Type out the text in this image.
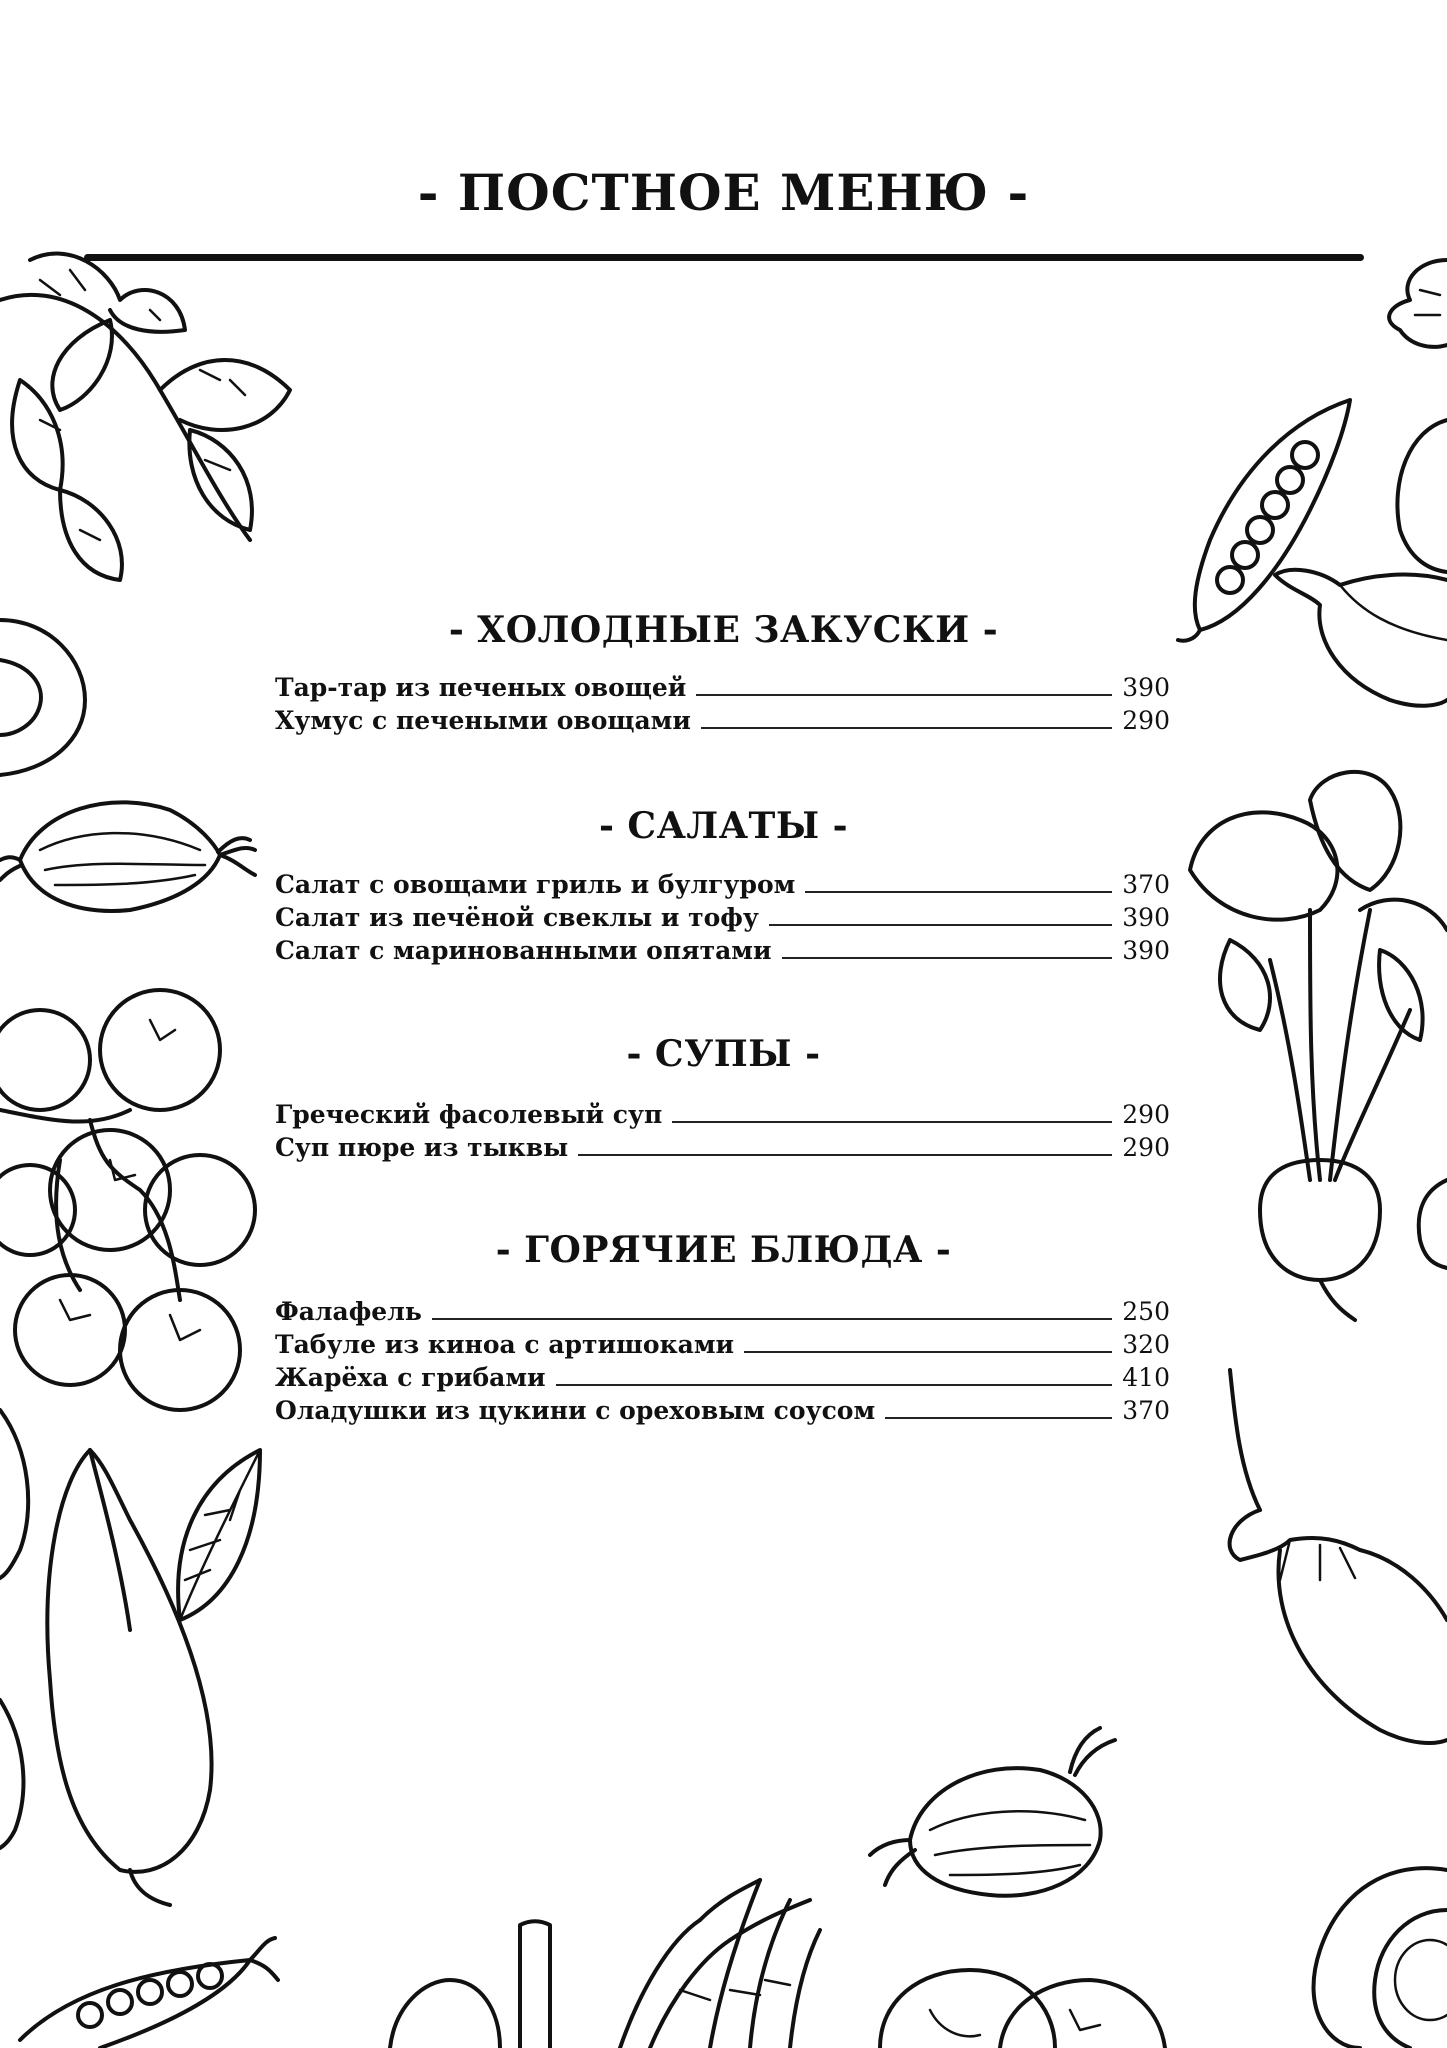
- ПОСТНОЕ МЕНЮ -
- ХОЛОДНЫЕ ЗАКУСКИ -
Тар-тар из печеных овощей	390
Хумус с печеными овощами	290
- САЛАТЫ -
Салат с овощами гриль и булгуром	370
Салат из печёной свеклы и тофу	390
Салат с маринованными опятами	390
- СУПЫ -
Греческий фасолевый суп	290
Суп пюре из тыквы	290
- ГОРЯЧИЕ БЛЮДА -
Фалафель	250
Табуле из киноа с артишоками	320
Жарёха с грибами	410
Оладушки из цукини с ореховым соусом	370
